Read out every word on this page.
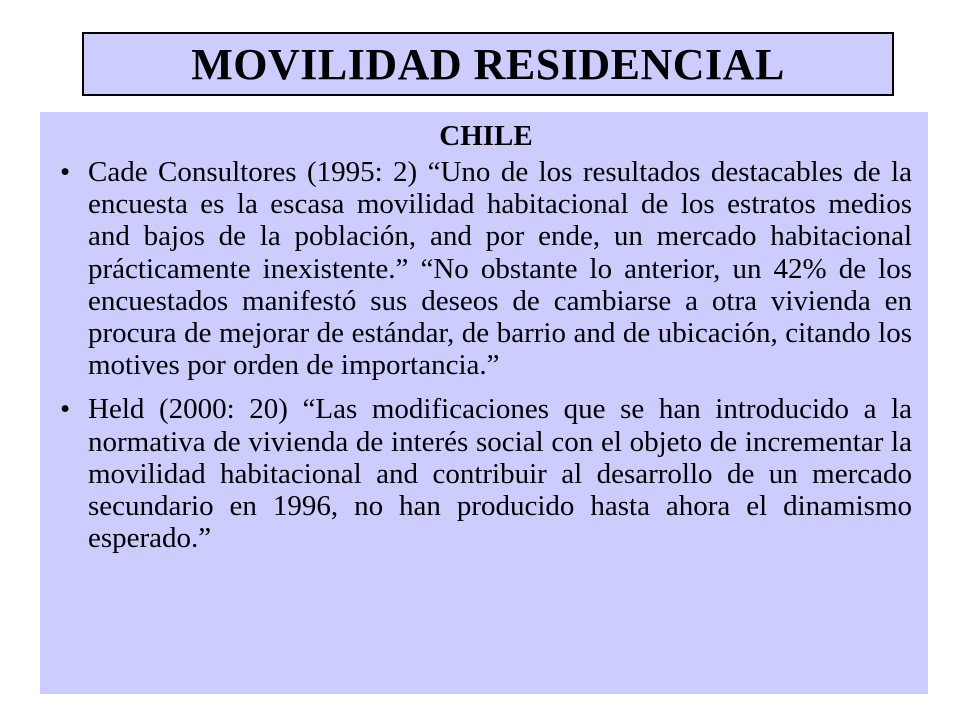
MOVILIDAD RESIDENCIAL
CHILE
• Cade Consultores (1995: 2) “Uno de los resultados destacables de la encuesta es la escasa movilidad habitacional de los estratos medios and bajos de la población, and por ende, un mercado habitacional prácticamente inexistente.” “No obstante lo anterior, un 42% de los encuestados manifestó sus deseos de cambiarse a otra vivienda en procura de mejorar de estándar, de barrio and de ubicación, citando los motives por orden de importancia.”
• Held (2000: 20) “Las modificaciones que se han introducido a la normativa de vivienda de interés social con el objeto de incrementar la movilidad habitacional and contribuir al desarrollo de un mercado secundario en 1996, no han producido hasta ahora el dinamismo esperado.”
